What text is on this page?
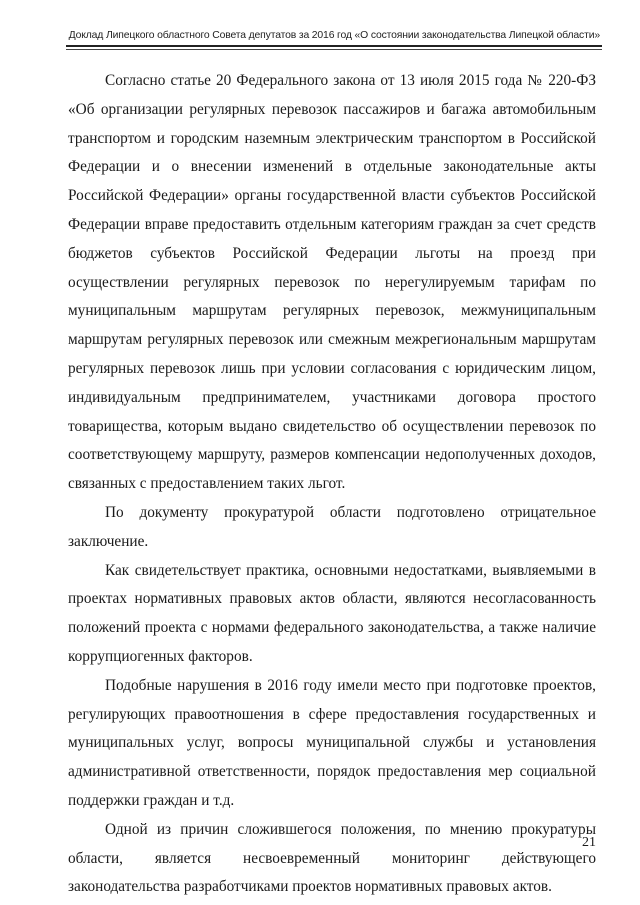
Доклад Липецкого областного Совета депутатов за 2016 год «О состоянии законодательства Липецкой области»

Согласно статье 20 Федерального закона от 13 июля 2015 года № 220-ФЗ «Об организации регулярных перевозок пассажиров и багажа автомобильным транспортом и городским наземным электрическим транспортом в Российской Федерации и о внесении изменений в отдельные законодательные акты Российской Федерации» органы государственной власти субъектов Российской Федерации вправе предоставить отдельным категориям граждан за счет средств бюджетов субъектов Российской Федерации льготы на проезд при осуществлении регулярных перевозок по нерегулируемым тарифам по муниципальным маршрутам регулярных перевозок, межмуниципальным маршрутам регулярных перевозок или смежным межрегиональным маршрутам регулярных перевозок лишь при условии согласования с юридическим лицом, индивидуальным предпринимателем, участниками договора простого товарищества, которым выдано свидетельство об осуществлении перевозок по соответствующему маршруту, размеров компенсации недополученных доходов, связанных с предоставлением таких льгот.

По документу прокуратурой области подготовлено отрицательное заключение.

Как свидетельствует практика, основными недостатками, выявляемыми в проектах нормативных правовых актов области, являются несогласованность положений проекта с нормами федерального законодательства, а также наличие коррупциогенных факторов.

Подобные нарушения в 2016 году имели место при подготовке проектов, регулирующих правоотношения в сфере предоставления государственных и муниципальных услуг, вопросы муниципальной службы и установления административной ответственности, порядок предоставления мер социальной поддержки граждан и т.д.

Одной из причин сложившегося положения, по мнению прокуратуры области, является несвоевременный мониторинг действующего законодательства разработчиками проектов нормативных правовых актов.

21
